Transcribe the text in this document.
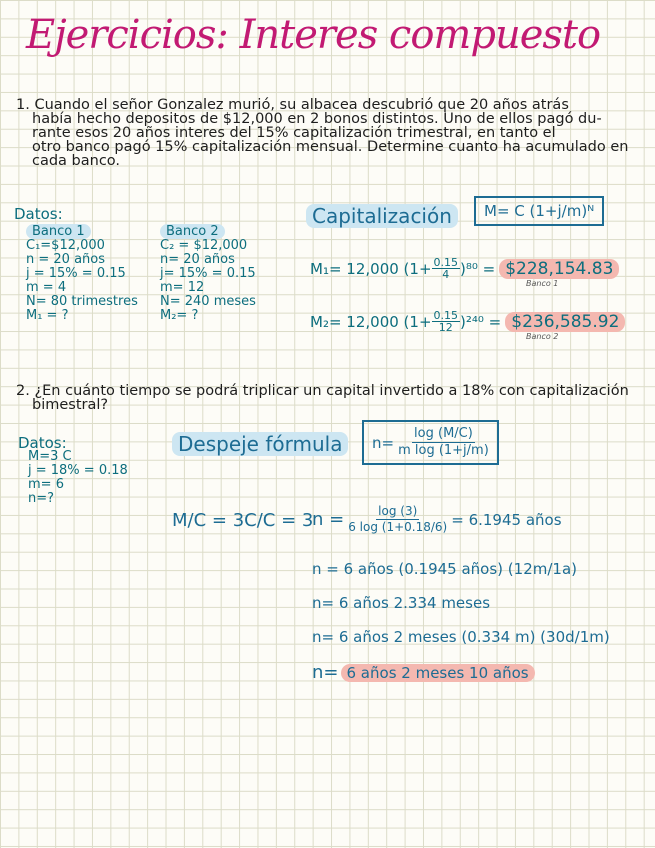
Ejercicios: Interes compuesto
1. Cuando el señor Gonzalez murió, su albacea descubrió que 20 años atrás
había hecho depositos de $12,000 en 2 bonos distintos. Uno de ellos pagó du-
rante esos 20 años interes del 15% capitalización trimestral, en tanto el
otro banco pagó 15% capitalización mensual. Determine cuanto ha acumulado en
cada banco.
Datos:
Banco 1
C₁=$12,000
n = 20 años
j = 15% = 0.15
m = 4
N= 80 trimestres
M₁ = ?
Banco 2
C₂ = $12,000
n= 20 años
j= 15% = 0.15
m= 12
N= 240 meses
M₂= ?
Capitalización	M= C (1+j/m)ᴺ
M₁= 12,000 $(1+ \frac{0.15}{4} )^{80}$ = $228,154.83
Banco 1
M₂= 12,000 $(1+ \frac{0.15}{12} )^{240}$ = $236,585.92
Banco 2
2. ¿En cuánto tiempo se podrá triplicar un capital invertido a 18% con capitalización
bimestral?
Datos:
M=3 C
j = 18% = 0.18
m= 6
n=?
Despeje fórmula	$n= \frac{\log (M/C)}{\text{m log (1+j/m)}}$
M/C = 3C/C = 3
$n = \frac{\log (3)}{6 \log (1+0.18/6)} = 6.1945$ años
n = 6 años (0.1945 años) (12m/1a)
n= 6 años 2.334 meses
n= 6 años 2 meses (0.334 m) (30d/1m)
n= 6 años 2 meses 10 años
